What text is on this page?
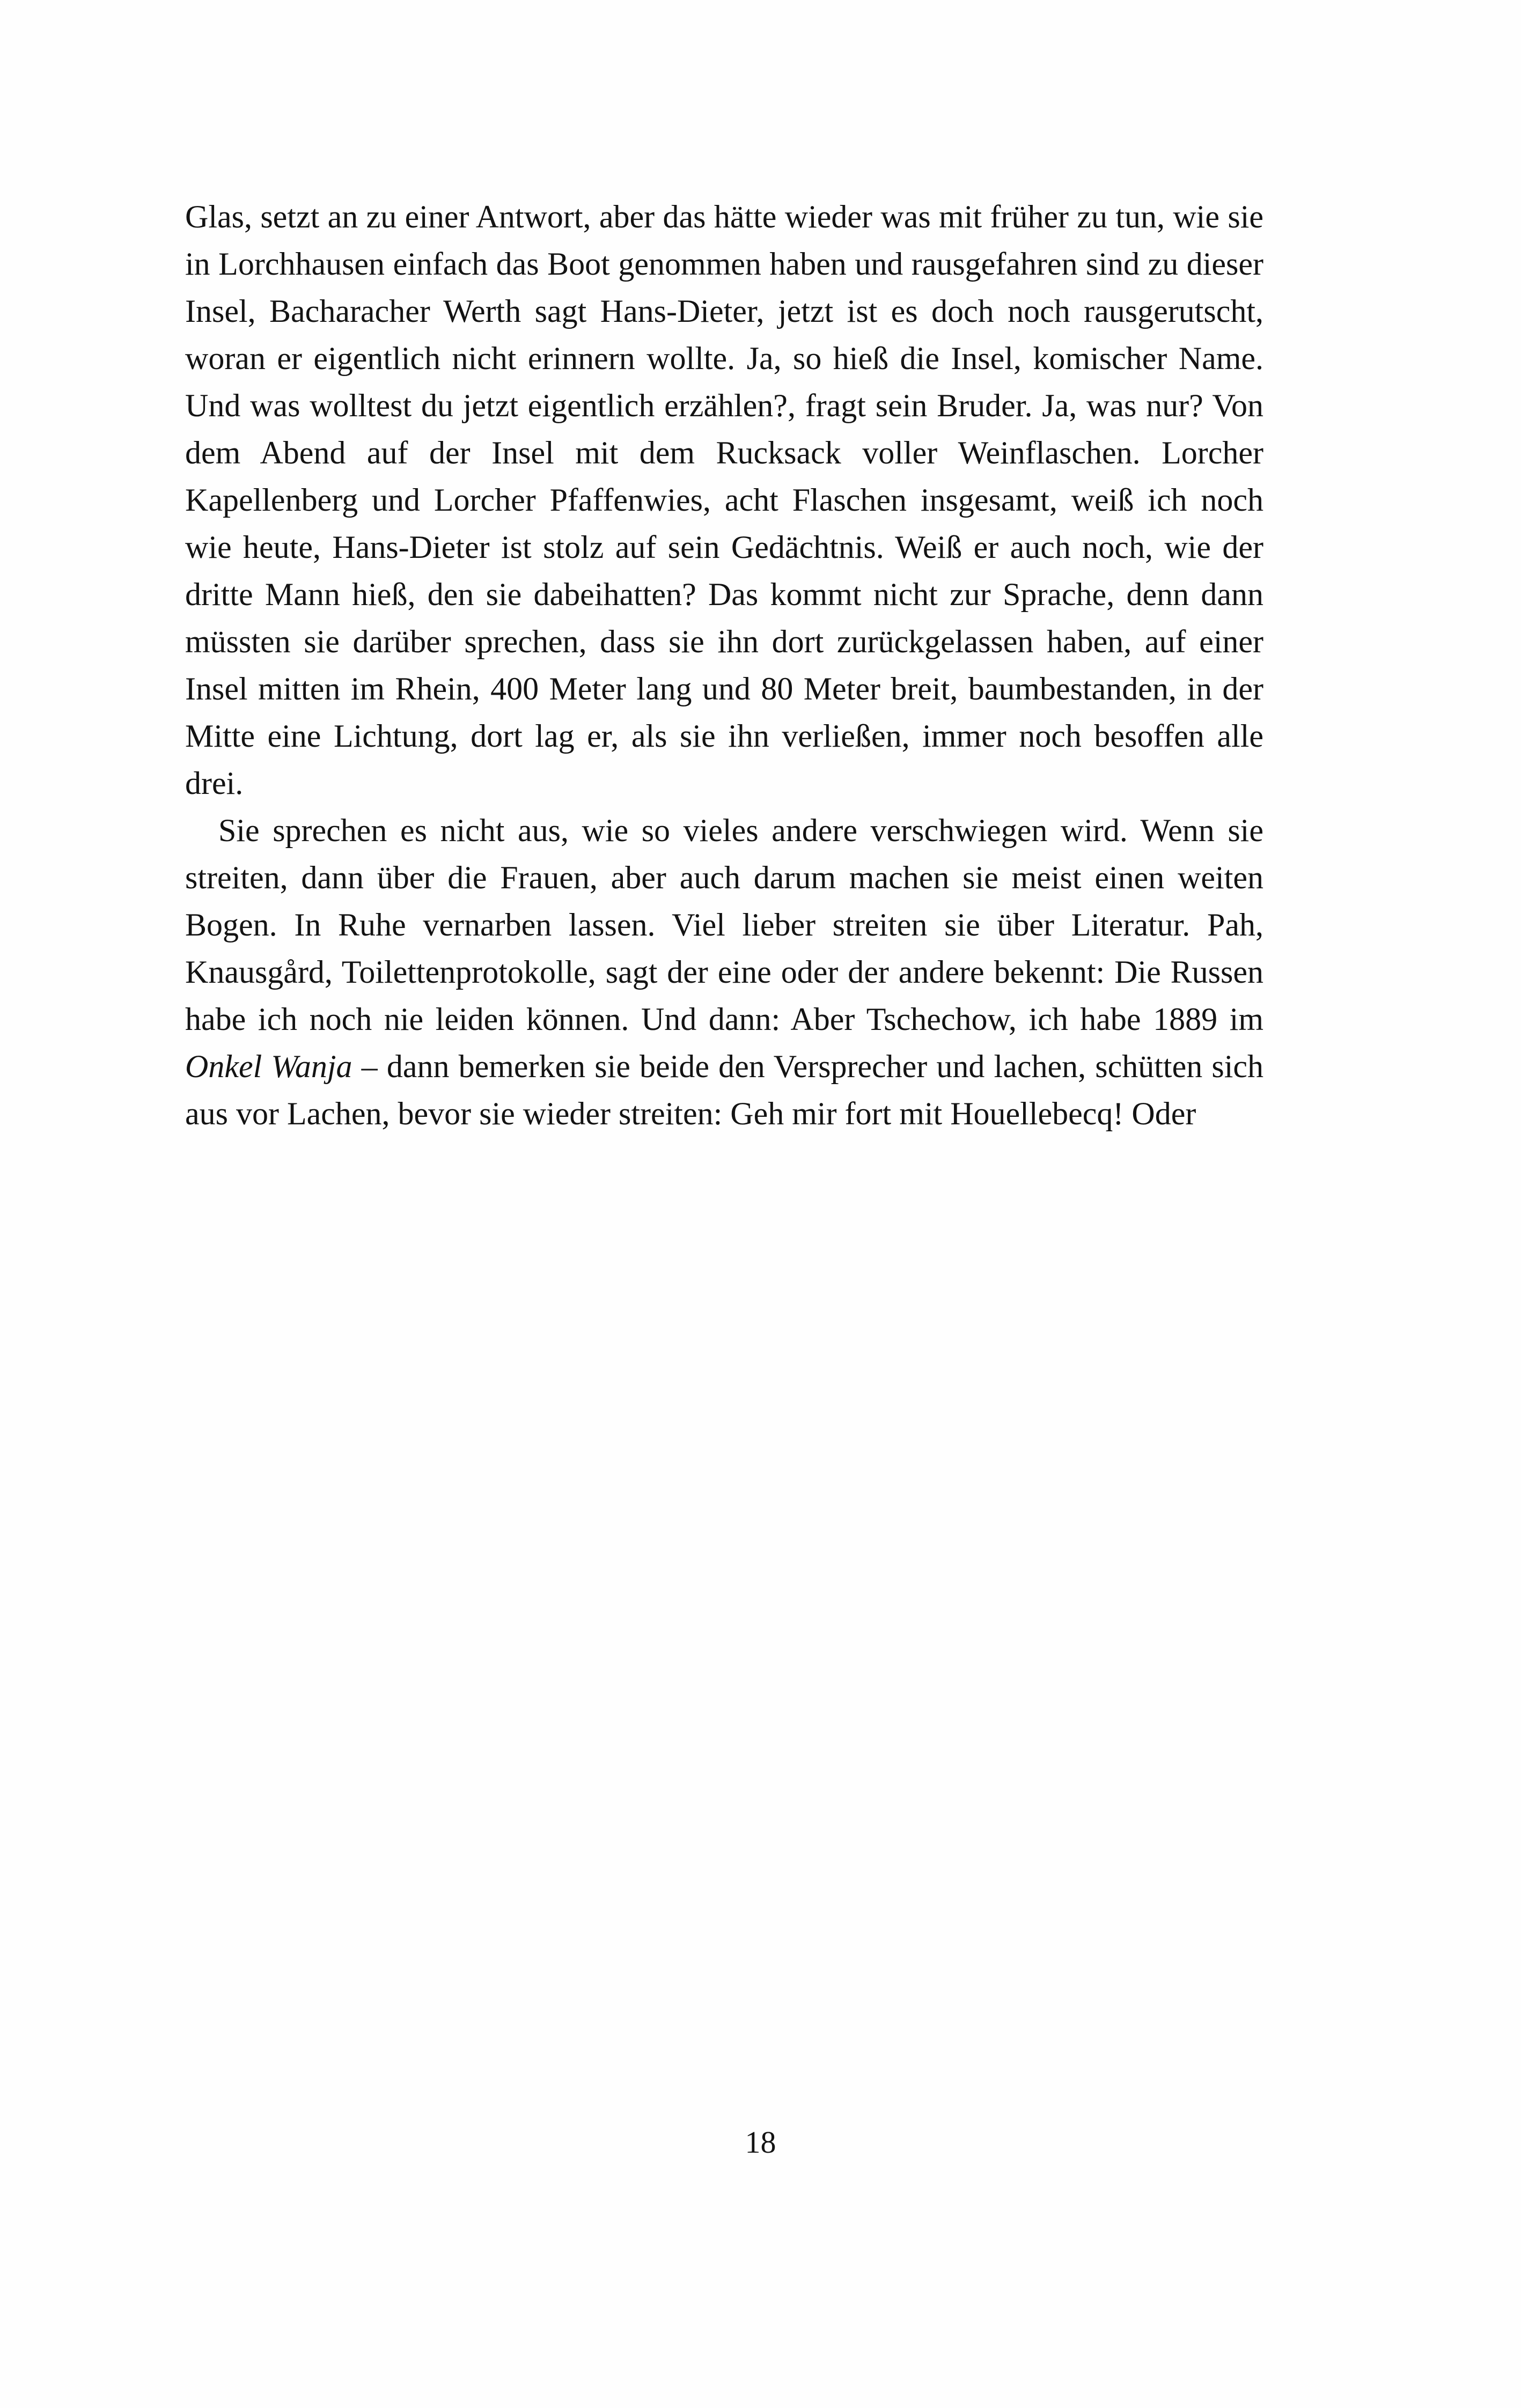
Glas, setzt an zu einer Antwort, aber das hätte wieder was mit früher zu tun, wie sie in Lorchhausen einfach das Boot genommen haben und rausgefahren sind zu dieser Insel, Bacharacher Werth sagt Hans-Dieter, jetzt ist es doch noch rausgerutscht, woran er eigentlich nicht erinnern wollte. Ja, so hieß die Insel, komischer Name. Und was wolltest du jetzt eigentlich erzählen?, fragt sein Bruder. Ja, was nur? Von dem Abend auf der Insel mit dem Rucksack voller Weinflaschen. Lorcher Kapellenberg und Lorcher Pfaffenwies, acht Flaschen insgesamt, weiß ich noch wie heute, Hans-Dieter ist stolz auf sein Gedächtnis. Weiß er auch noch, wie der dritte Mann hieß, den sie dabeihatten? Das kommt nicht zur Sprache, denn dann müssten sie darüber sprechen, dass sie ihn dort zurückgelassen haben, auf einer Insel mitten im Rhein, 400 Meter lang und 80 Meter breit, baumbestanden, in der Mitte eine Lichtung, dort lag er, als sie ihn verließen, immer noch besoffen alle drei.

Sie sprechen es nicht aus, wie so vieles andere verschwiegen wird. Wenn sie streiten, dann über die Frauen, aber auch darum machen sie meist einen weiten Bogen. In Ruhe vernarben lassen. Viel lieber streiten sie über Literatur. Pah, Knausgård, Toilettenprotokolle, sagt der eine oder der andere bekennt: Die Russen habe ich noch nie leiden können. Und dann: Aber Tschechow, ich habe 1889 im Onkel Wanja – dann bemerken sie beide den Versprecher und lachen, schütten sich aus vor Lachen, bevor sie wieder streiten: Geh mir fort mit Houellebecq! Oder

18
